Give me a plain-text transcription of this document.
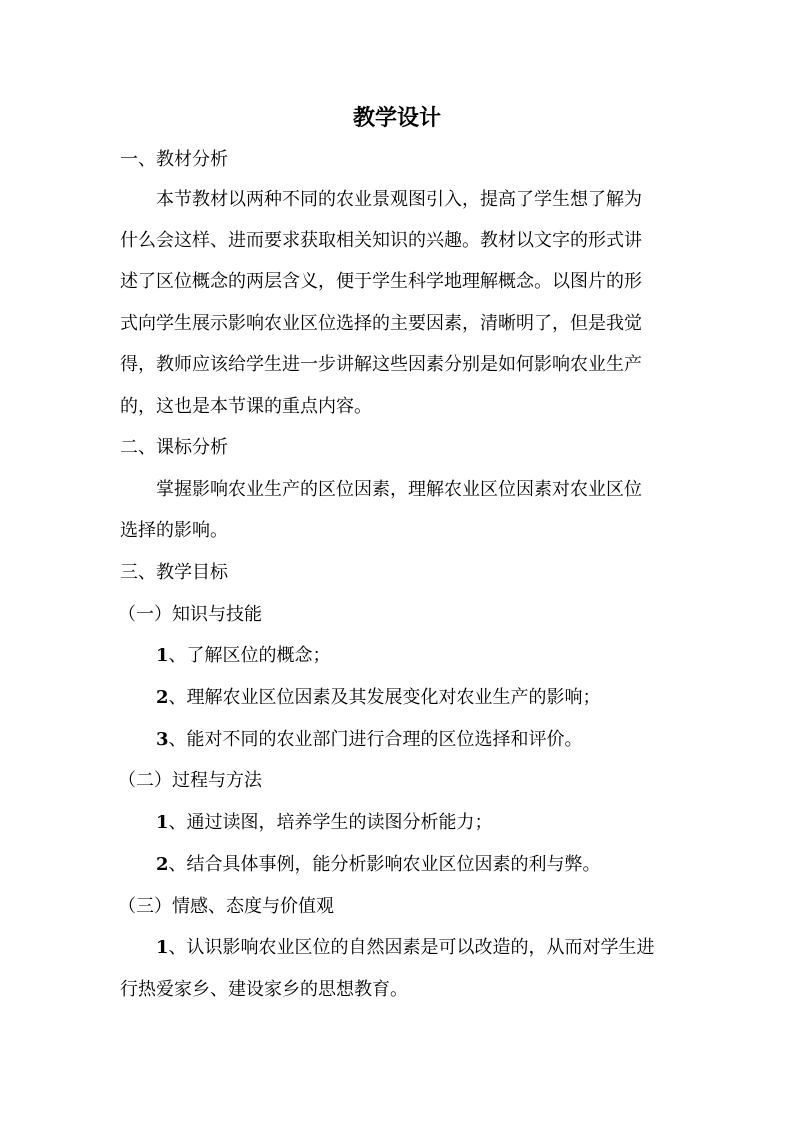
教学设计
一、教材分析
本节教材以两种不同的农业景观图引入，提高了学生想了解为
什么会这样、进而要求获取相关知识的兴趣。教材以文字的形式讲
述了区位概念的两层含义，便于学生科学地理解概念。以图片的形
式向学生展示影响农业区位选择的主要因素，清晰明了，但是我觉
得，教师应该给学生进一步讲解这些因素分别是如何影响农业生产
的，这也是本节课的重点内容。
二、课标分析
掌握影响农业生产的区位因素，理解农业区位因素对农业区位
选择的影响。
三、教学目标
（一）知识与技能
1、了解区位的概念；
2、理解农业区位因素及其发展变化对农业生产的影响；
3、能对不同的农业部门进行合理的区位选择和评价。
（二）过程与方法
1、通过读图，培养学生的读图分析能力；
2、结合具体事例，能分析影响农业区位因素的利与弊。
（三）情感、态度与价值观
1、认识影响农业区位的自然因素是可以改造的，从而对学生进
行热爱家乡、建设家乡的思想教育。
